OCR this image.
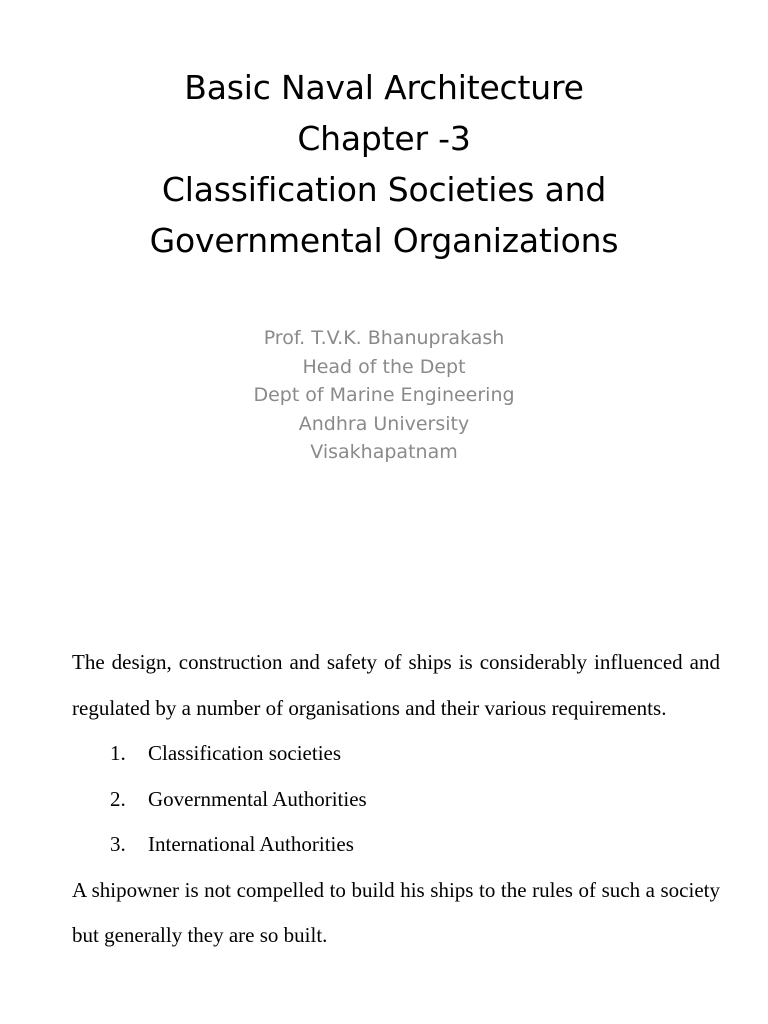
Basic Naval Architecture
Chapter -3
Classification Societies and
Governmental Organizations
Prof. T.V.K. Bhanuprakash
Head of the Dept
Dept of Marine Engineering
Andhra University
Visakhapatnam

The design, construction and safety of ships is considerably influenced and regulated by a number of organisations and their various requirements.

1. Classification societies
2. Governmental Authorities
3. International Authorities

A shipowner is not compelled to build his ships to the rules of such a society but generally they are so built.
